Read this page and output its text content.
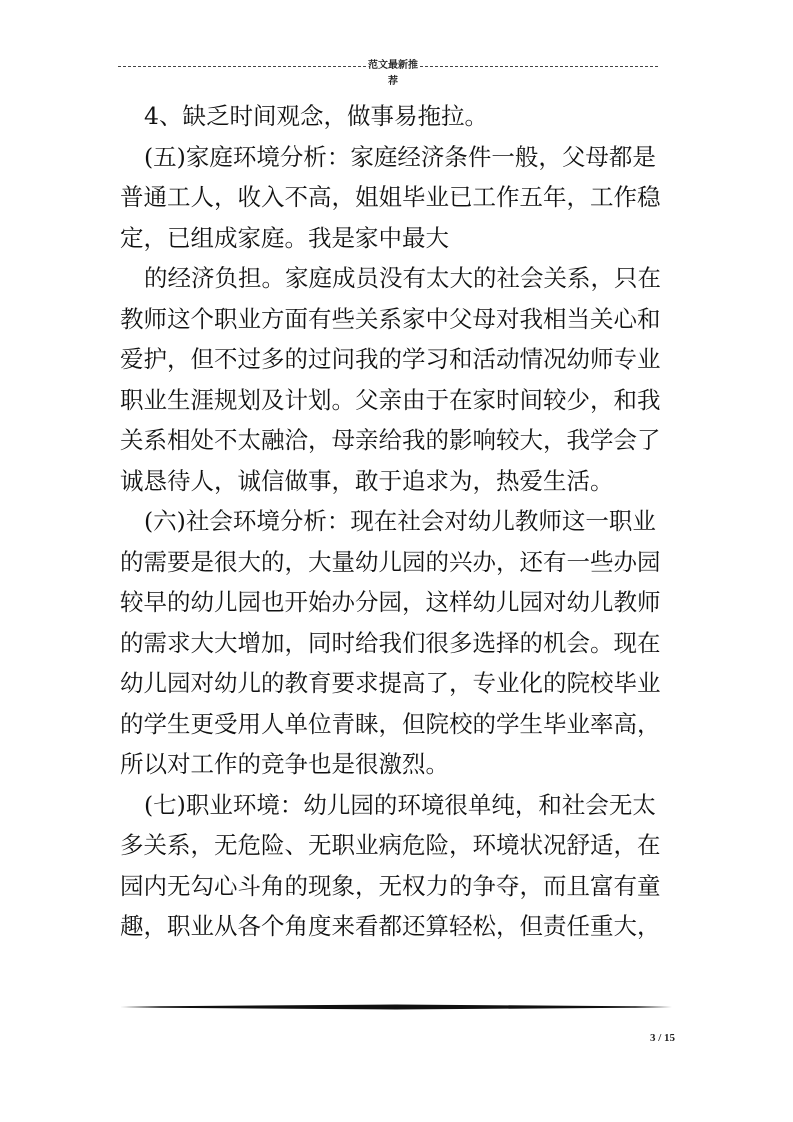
范文最新推荐

4、缺乏时间观念，做事易拖拉。
(五)家庭环境分析：家庭经济条件一般，父母都是
普通工人，收入不高，姐姐毕业已工作五年，工作稳
定，已组成家庭。我是家中最大
的经济负担。家庭成员没有太大的社会关系，只在
教师这个职业方面有些关系家中父母对我相当关心和
爱护，但不过多的过问我的学习和活动情况幼师专业
职业生涯规划及计划。父亲由于在家时间较少，和我
关系相处不太融洽，母亲给我的影响较大，我学会了
诚恳待人，诚信做事，敢于追求为，热爱生活。
(六)社会环境分析：现在社会对幼儿教师这一职业
的需要是很大的，大量幼儿园的兴办，还有一些办园
较早的幼儿园也开始办分园，这样幼儿园对幼儿教师
的需求大大增加，同时给我们很多选择的机会。现在
幼儿园对幼儿的教育要求提高了，专业化的院校毕业
的学生更受用人单位青睐，但院校的学生毕业率高，
所以对工作的竞争也是很激烈。
(七)职业环境：幼儿园的环境很单纯，和社会无太
多关系，无危险、无职业病危险，环境状况舒适，在
园内无勾心斗角的现象，无权力的争夺，而且富有童
趣，职业从各个角度来看都还算轻松，但责任重大，

3 / 15
